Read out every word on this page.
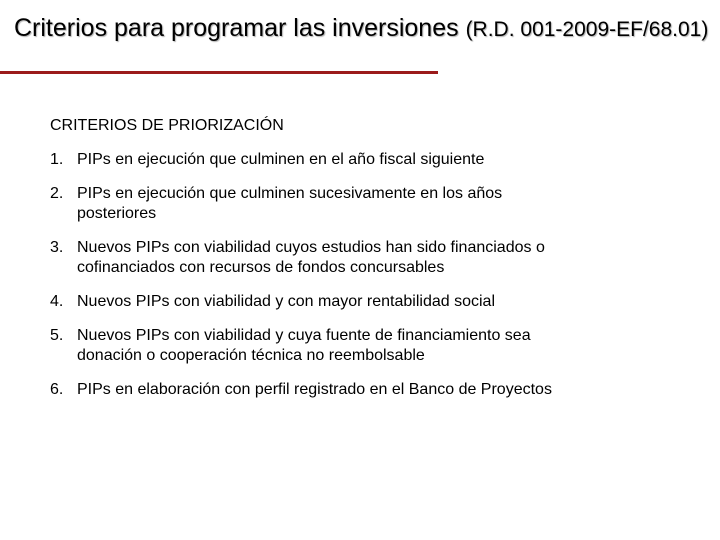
Criterios para programar las inversiones (R.D. 001-2009-EF/68.01)
CRITERIOS DE PRIORIZACIÓN
1. PIPs en ejecución que culminen en el año fiscal siguiente
2. PIPs en ejecución que culminen sucesivamente en los años posteriores
3. Nuevos PIPs con viabilidad cuyos estudios han sido financiados o cofinanciados con recursos de fondos concursables
4. Nuevos PIPs con viabilidad y con mayor rentabilidad social
5. Nuevos PIPs con viabilidad y cuya fuente de financiamiento sea donación o cooperación técnica no reembolsable
6. PIPs en elaboración con perfil registrado en el Banco de Proyectos
